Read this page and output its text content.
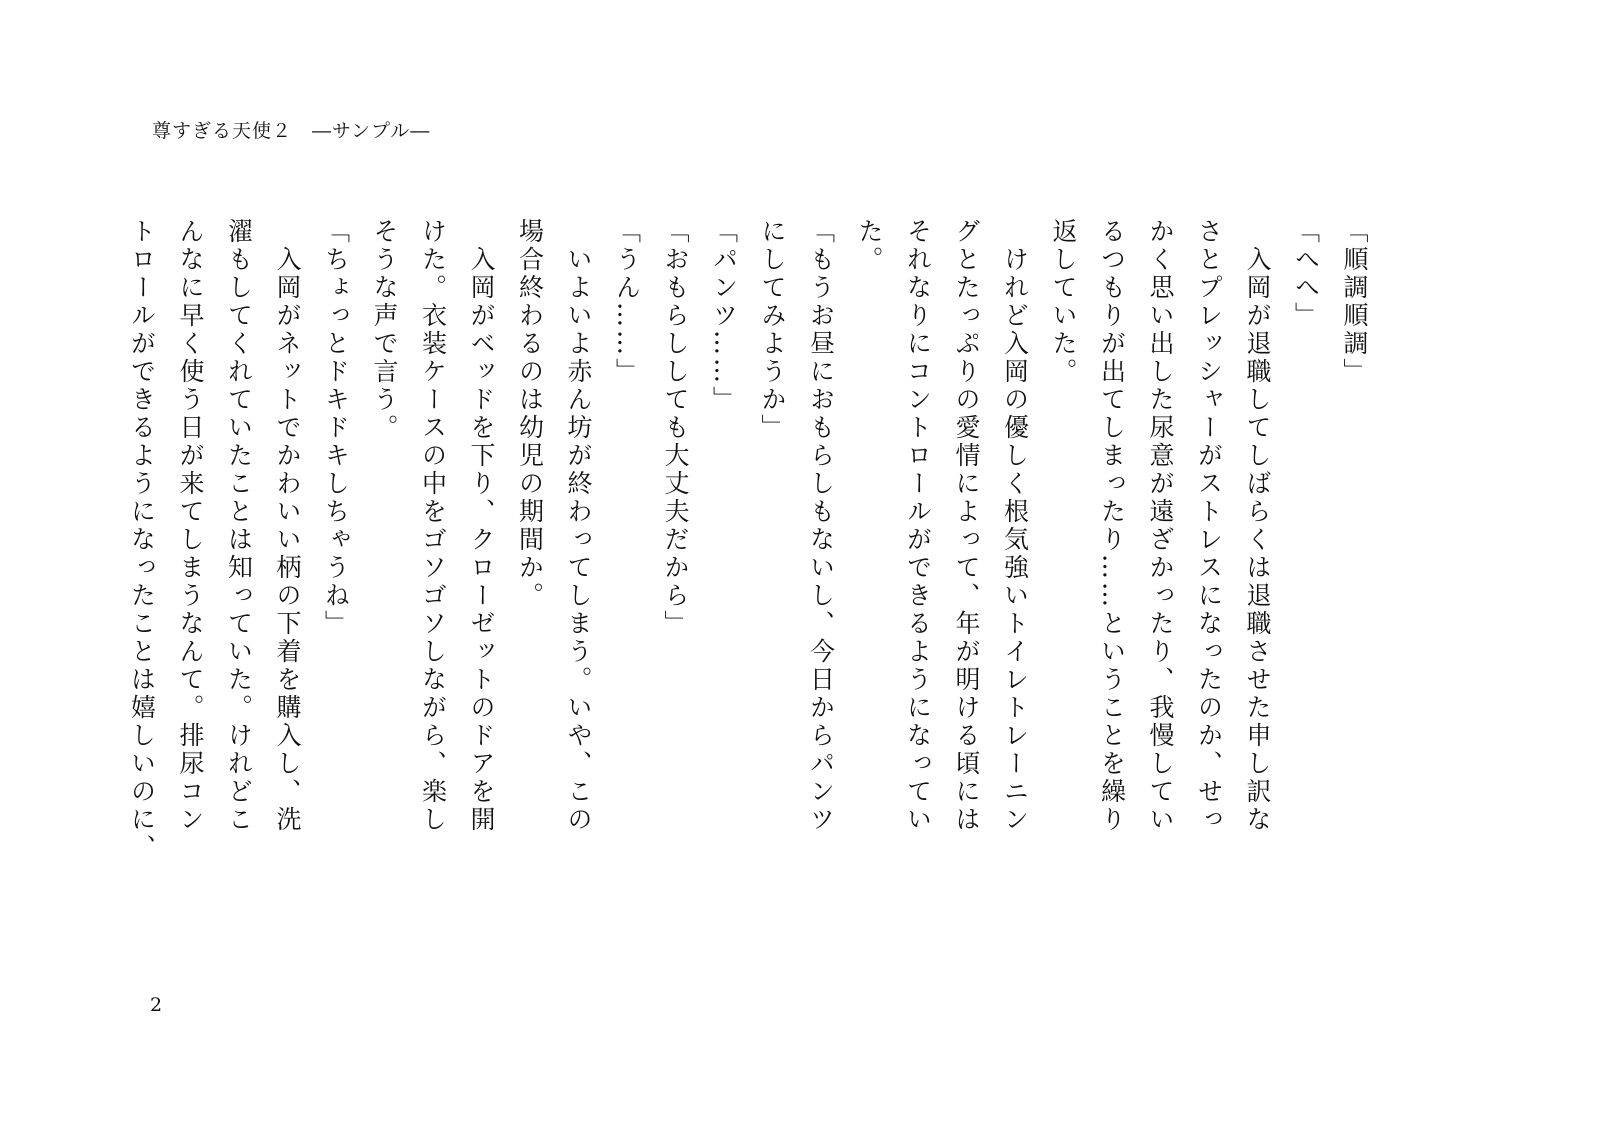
尊すぎる天使２　―サンプル―
「順調順調」
「へへ」
　入岡が退職してしばらくは退職させた申し訳な
さとプレッシャーがストレスになったのか、せっ
かく思い出した尿意が遠ざかったり、我慢してい
るつもりが出てしまったり……ということを繰り
返していた。
　けれど入岡の優しく根気強いトイレトレーニン
グとたっぷりの愛情によって、年が明ける頃には
それなりにコントロールができるようになってい
た。
「もうお昼におもらしもないし、今日からパンツ
にしてみようか」
「パンツ……」
「おもらししても大丈夫だから」
「うん……」
　いよいよ赤ん坊が終わってしまう。いや、この
場合終わるのは幼児の期間か。
　入岡がベッドを下り、クローゼットのドアを開
けた。衣装ケースの中をゴソゴソしながら、楽し
そうな声で言う。
「ちょっとドキドキしちゃうね」
　入岡がネットでかわいい柄の下着を購入し、洗
濯もしてくれていたことは知っていた。けれどこ
んなに早く使う日が来てしまうなんて。排尿コン
トロールができるようになったことは嬉しいのに、
2
